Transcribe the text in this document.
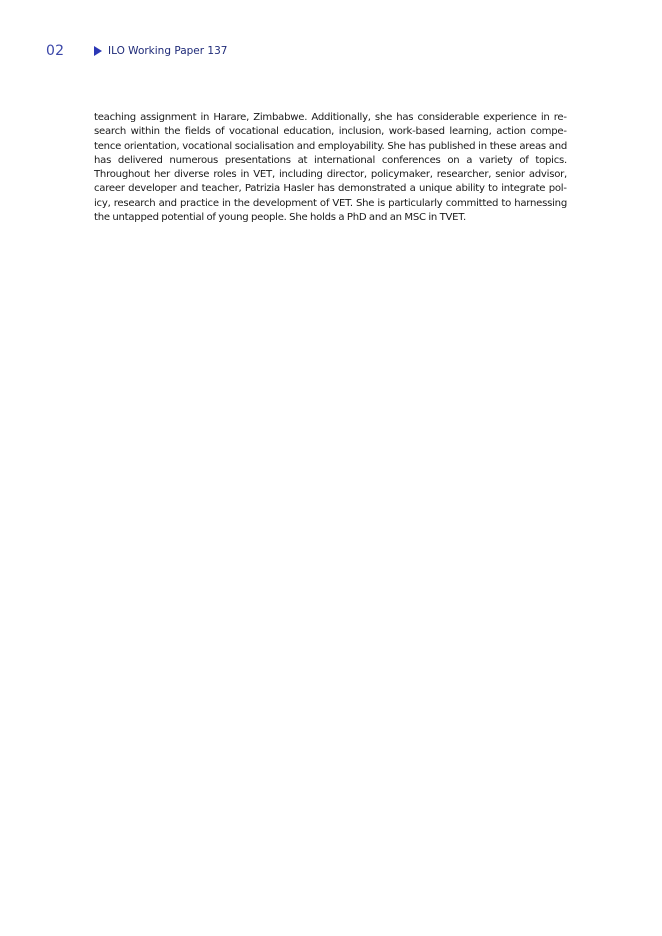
02	ILO Working Paper 137

teaching assignment in Harare, Zimbabwe. Additionally, she has considerable experience in research within the fields of vocational education, inclusion, work-based learning, action competence orientation, vocational socialisation and employability. She has published in these areas and has delivered numerous presentations at international conferences on a variety of topics. Throughout her diverse roles in VET, including director, policymaker, researcher, senior advisor, career developer and teacher, Patrizia Hasler has demonstrated a unique ability to integrate policy, research and practice in the development of VET. She is particularly committed to harnessing the untapped potential of young people. She holds a PhD and an MSC in TVET.
